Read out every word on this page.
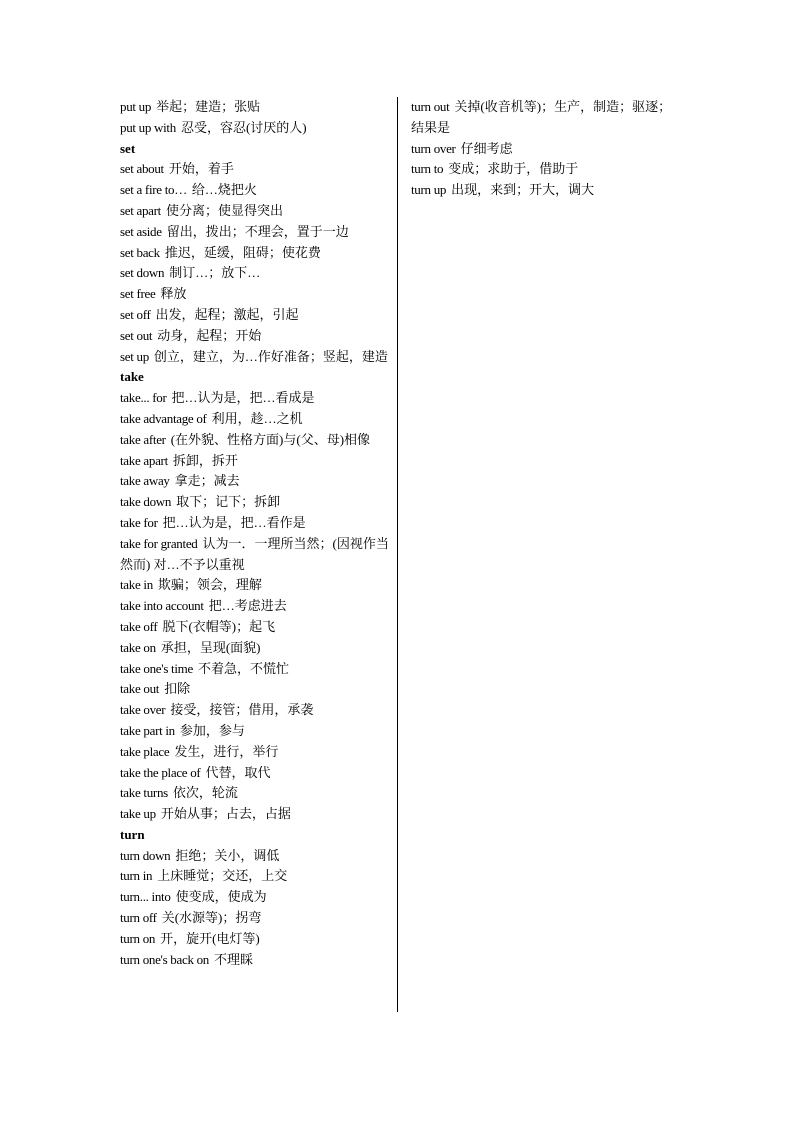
put up 举起；建造；张贴
put up with 忍受，容忍(讨厌的人)
set
set about 开始，着手
set a fire to… 给…烧把火
set apart 使分离；使显得突出
set aside 留出，拨出；不理会，置于一边
set back 推迟，延缓，阻碍；使花费
set down 制订…；放下…
set free 释放
set off 出发，起程；激起，引起
set out 动身，起程；开始
set up 创立，建立，为…作好准备；竖起，建造
take
take... for 把…认为是，把…看成是
take advantage of 利用，趁…之机
take after (在外貌、性格方面)与(父、母)相像
take apart 拆卸，拆开
take away 拿走；减去
take down 取下；记下；拆卸
take for 把…认为是，把…看作是
take for granted 认为一．一理所当然；(因视作当然而) 对…不予以重视
take in 欺骗；领会，理解
take into account 把…考虑进去
take off 脱下(衣帽等)；起飞
take on 承担，呈现(面貌)
take one's time 不着急，不慌忙
take out 扣除
take over 接受，接管；借用，承袭
take part in 参加，参与
take place 发生，进行，举行
take the place of 代替，取代
take turns 依次，轮流
take up 开始从事；占去，占据
turn
turn down 拒绝；关小，调低
turn in 上床睡觉；交还，上交
turn... into 使变成，使成为
turn off 关(水源等)；拐弯
turn on 开，旋开(电灯等)
turn one's back on 不理睬
turn out 关掉(收音机等)；生产，制造；驱逐；结果是
turn over 仔细考虑
turn to 变成；求助于，借助于
turn up 出现，来到；开大，调大
